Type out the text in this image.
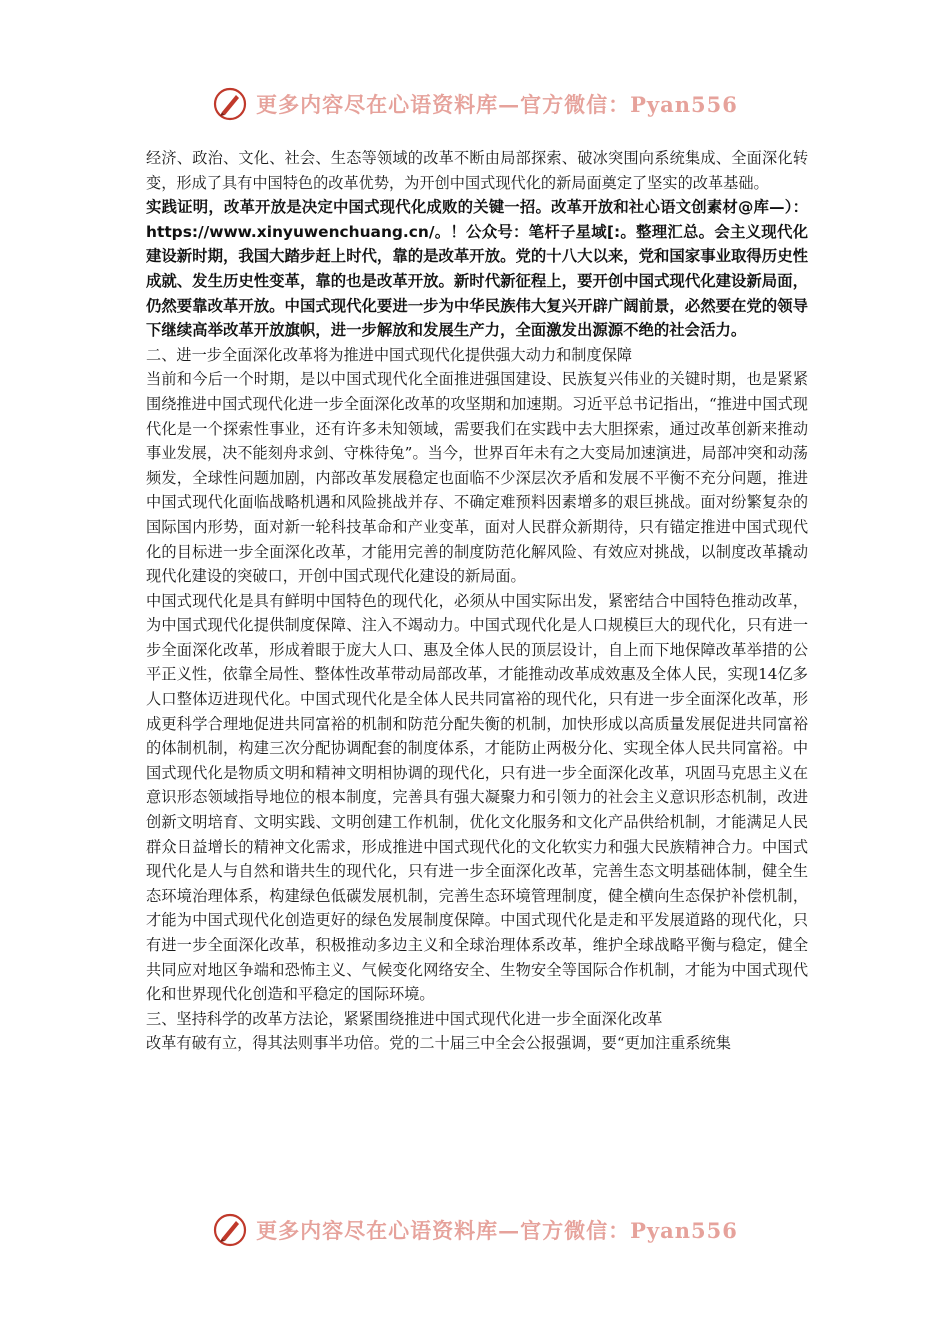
更多内容尽在心语资料库—官方微信：Pyan556

经济、政治、文化、社会、生态等领域的改革不断由局部探索、破冰突围向系统集成、全面深化转变，形成了具有中国特色的改革优势，为开创中国式现代化的新局面奠定了坚实的改革基础。

实践证明，改革开放是决定中国式现代化成败的关键一招。改革开放和社心语文创素材@库—）：https://www.xinyuwenchuang.cn/。！公众号：笔杆子星域[:。整理汇总。会主义现代化建设新时期，我国大踏步赶上时代，靠的是改革开放。党的十八大以来，党和国家事业取得历史性成就、发生历史性变革，靠的也是改革开放。新时代新征程上，要开创中国式现代化建设新局面，仍然要靠改革开放。中国式现代化要进一步为中华民族伟大复兴开辟广阔前景，必然要在党的领导下继续高举改革开放旗帜，进一步解放和发展生产力，全面激发出源源不绝的社会活力。

二、进一步全面深化改革将为推进中国式现代化提供强大动力和制度保障

当前和今后一个时期，是以中国式现代化全面推进强国建设、民族复兴伟业的关键时期，也是紧紧围绕推进中国式现代化进一步全面深化改革的攻坚期和加速期。习近平总书记指出，“推进中国式现代化是一个探索性事业，还有许多未知领域，需要我们在实践中去大胆探索，通过改革创新来推动事业发展，决不能刻舟求剑、守株待兔”。当今，世界百年未有之大变局加速演进，局部冲突和动荡频发，全球性问题加剧，内部改革发展稳定也面临不少深层次矛盾和发展不平衡不充分问题，推进中国式现代化面临战略机遇和风险挑战并存、不确定难预料因素增多的艰巨挑战。面对纷繁复杂的国际国内形势，面对新一轮科技革命和产业变革，面对人民群众新期待，只有锚定推进中国式现代化的目标进一步全面深化改革，才能用完善的制度防范化解风险、有效应对挑战，以制度改革撬动现代化建设的突破口，开创中国式现代化建设的新局面。

中国式现代化是具有鲜明中国特色的现代化，必须从中国实际出发，紧密结合中国特色推动改革，为中国式现代化提供制度保障、注入不竭动力。中国式现代化是人口规模巨大的现代化，只有进一步全面深化改革，形成着眼于庞大人口、惠及全体人民的顶层设计，自上而下地保障改革举措的公平正义性，依靠全局性、整体性改革带动局部改革，才能推动改革成效惠及全体人民，实现14亿多人口整体迈进现代化。中国式现代化是全体人民共同富裕的现代化，只有进一步全面深化改革，形成更科学合理地促进共同富裕的机制和防范分配失衡的机制，加快形成以高质量发展促进共同富裕的体制机制，构建三次分配协调配套的制度体系，才能防止两极分化、实现全体人民共同富裕。中国式现代化是物质文明和精神文明相协调的现代化，只有进一步全面深化改革，巩固马克思主义在意识形态领域指导地位的根本制度，完善具有强大凝聚力和引领力的社会主义意识形态机制，改进创新文明培育、文明实践、文明创建工作机制，优化文化服务和文化产品供给机制，才能满足人民群众日益增长的精神文化需求，形成推进中国式现代化的文化软实力和强大民族精神合力。中国式现代化是人与自然和谐共生的现代化，只有进一步全面深化改革，完善生态文明基础体制，健全生态环境治理体系，构建绿色低碳发展机制，完善生态环境管理制度，健全横向生态保护补偿机制，才能为中国式现代化创造更好的绿色发展制度保障。中国式现代化是走和平发展道路的现代化，只有进一步全面深化改革，积极推动多边主义和全球治理体系改革，维护全球战略平衡与稳定，健全共同应对地区争端和恐怖主义、气候变化网络安全、生物安全等国际合作机制，才能为中国式现代化和世界现代化创造和平稳定的国际环境。

三、坚持科学的改革方法论，紧紧围绕推进中国式现代化进一步全面深化改革

改革有破有立，得其法则事半功倍。党的二十届三中全会公报强调，要“更加注重系统集

更多内容尽在心语资料库—官方微信：Pyan556
